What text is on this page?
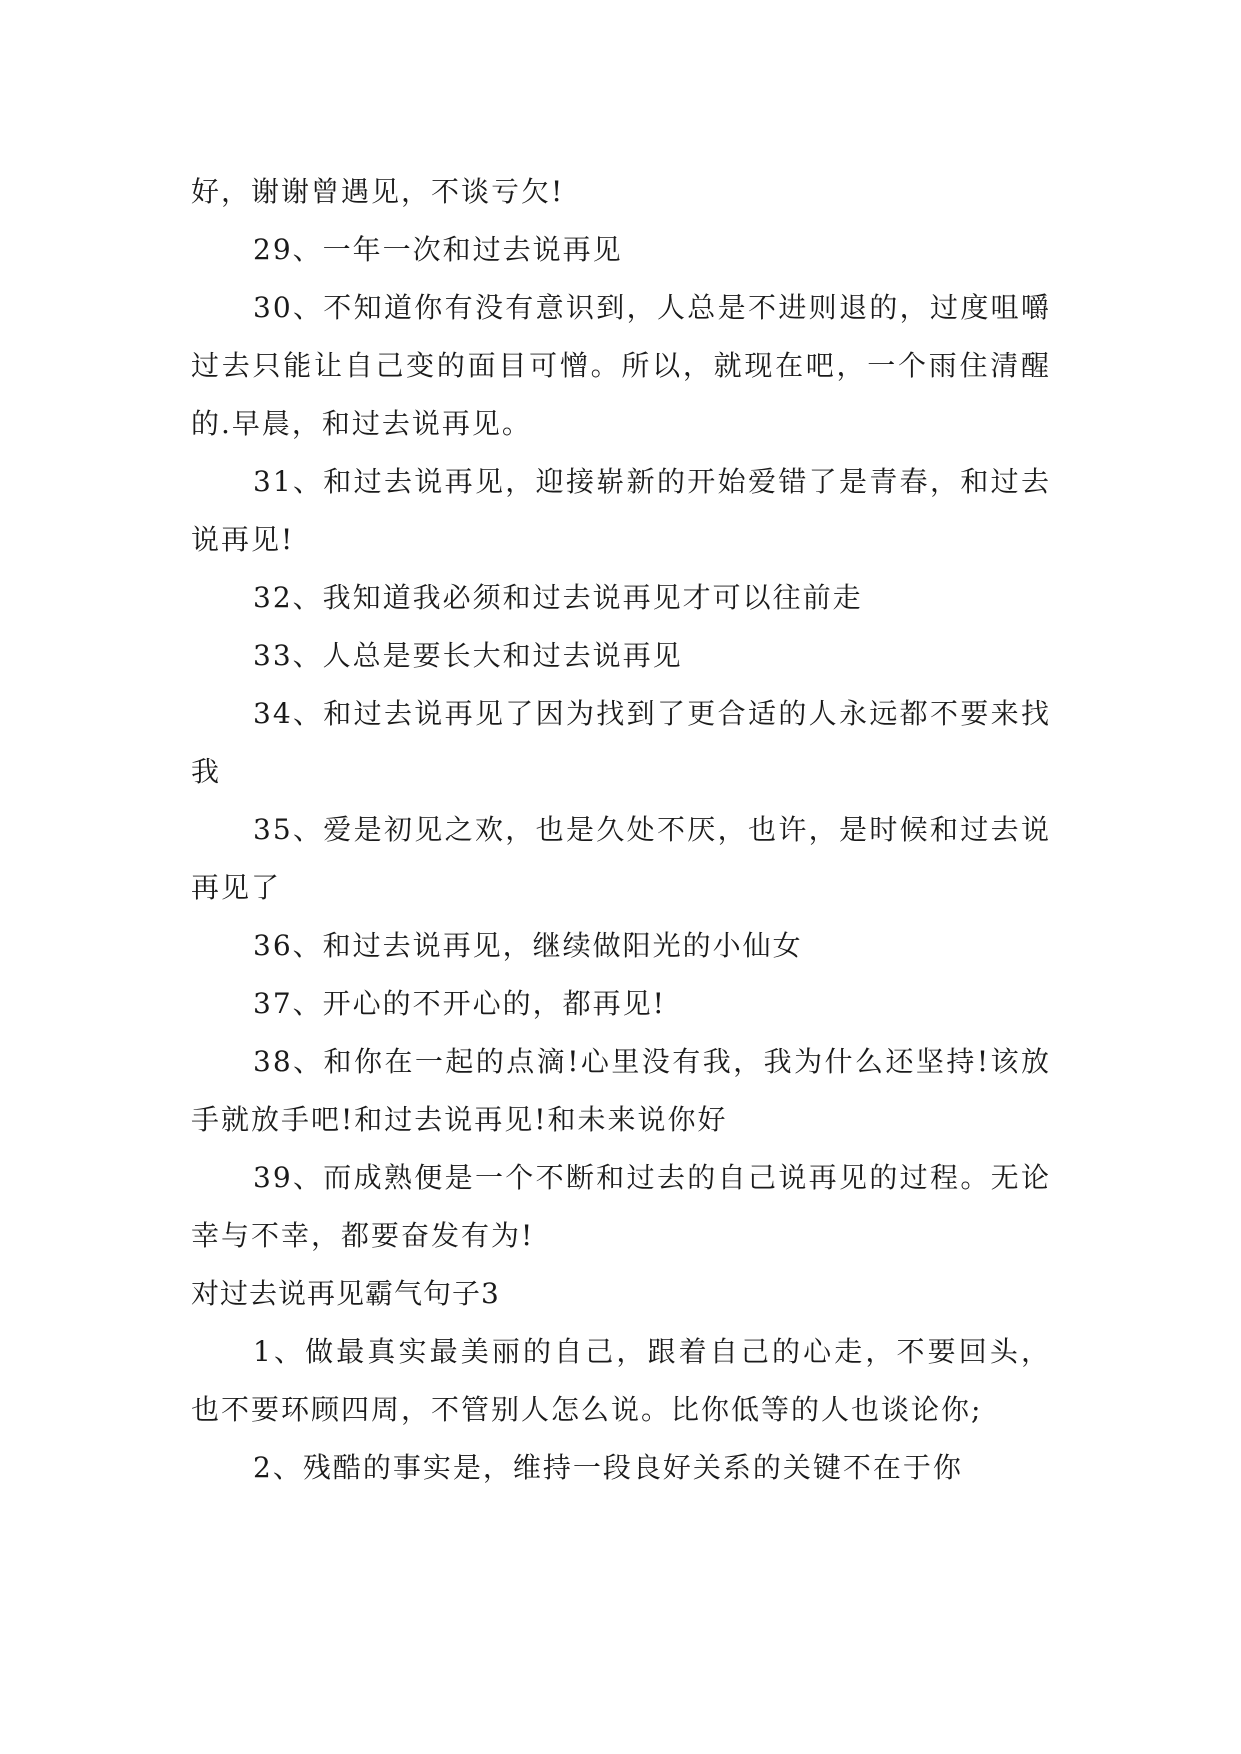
好，谢谢曾遇见，不谈亏欠!

29、一年一次和过去说再见

30、不知道你有没有意识到，人总是不进则退的，过度咀嚼过去只能让自己变的面目可憎。所以，就现在吧，一个雨住清醒的.早晨，和过去说再见。

31、和过去说再见，迎接崭新的开始爱错了是青春，和过去说再见!

32、我知道我必须和过去说再见才可以往前走

33、人总是要长大和过去说再见

34、和过去说再见了因为找到了更合适的人永远都不要来找我

35、爱是初见之欢，也是久处不厌，也许，是时候和过去说再见了

36、和过去说再见，继续做阳光的小仙女

37、开心的不开心的，都再见!

38、和你在一起的点滴!心里没有我，我为什么还坚持!该放手就放手吧!和过去说再见!和未来说你好

39、而成熟便是一个不断和过去的自己说再见的过程。无论幸与不幸，都要奋发有为!

对过去说再见霸气句子3

1、做最真实最美丽的自己，跟着自己的心走，不要回头，也不要环顾四周，不管别人怎么说。比你低等的人也谈论你;

2、残酷的事实是，维持一段良好关系的关键不在于你
